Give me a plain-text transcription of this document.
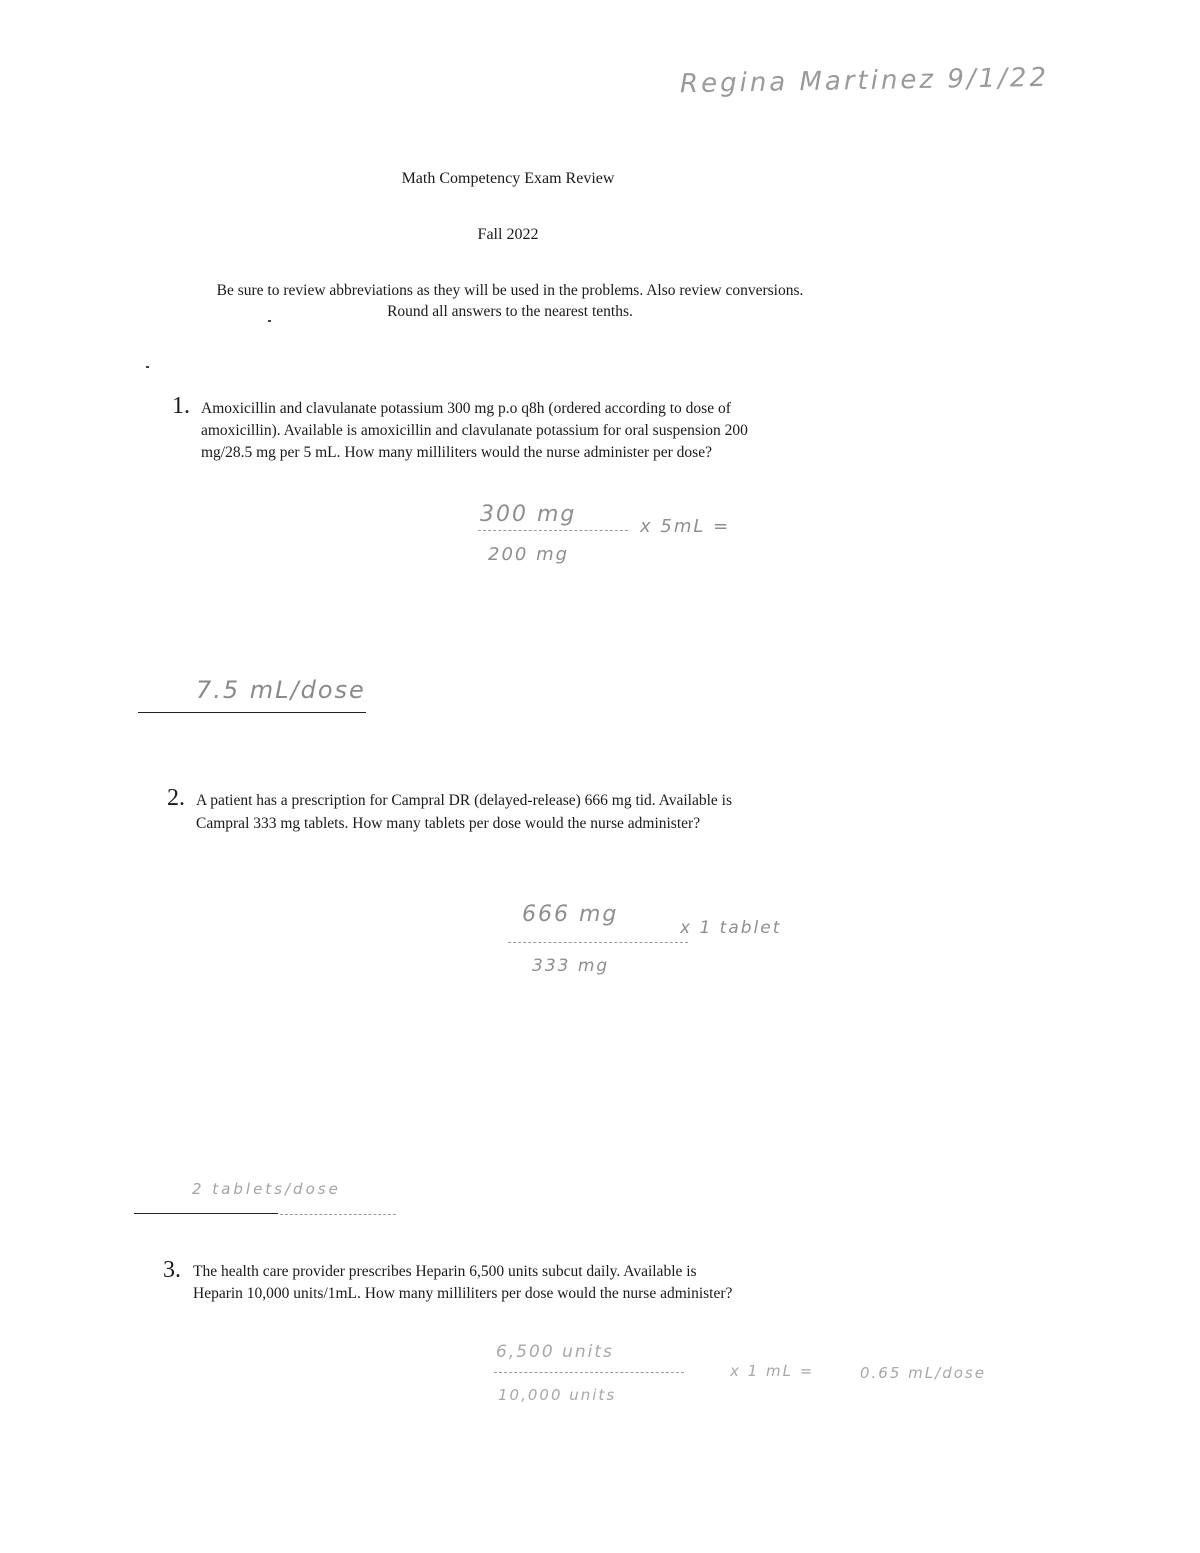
Regina Martinez 9/1/22
Math Competency Exam Review
Fall 2022
Be sure to review abbreviations as they will be used in the problems. Also review conversions.
Round all answers to the nearest tenths.
1. Amoxicillin and clavulanate potassium 300 mg p.o q8h (ordered according to dose of
amoxicillin). Available is amoxicillin and clavulanate potassium for oral suspension 200
mg/28.5 mg per 5 mL. How many milliliters would the nurse administer per dose?
300 mg	x 5mL =
200 mg
7.5 mL/dose
2. A patient has a prescription for Campral DR (delayed-release) 666 mg tid. Available is
Campral 333 mg tablets. How many tablets per dose would the nurse administer?
666 mg
x 1 tablet
333 mg
2 tablets/dose
3. The health care provider prescribes Heparin 6,500 units subcut daily. Available is
Heparin 10,000 units/1mL. How many milliliters per dose would the nurse administer?
6,500 units
x 1 mL =	0.65 mL/dose
10,000 units
